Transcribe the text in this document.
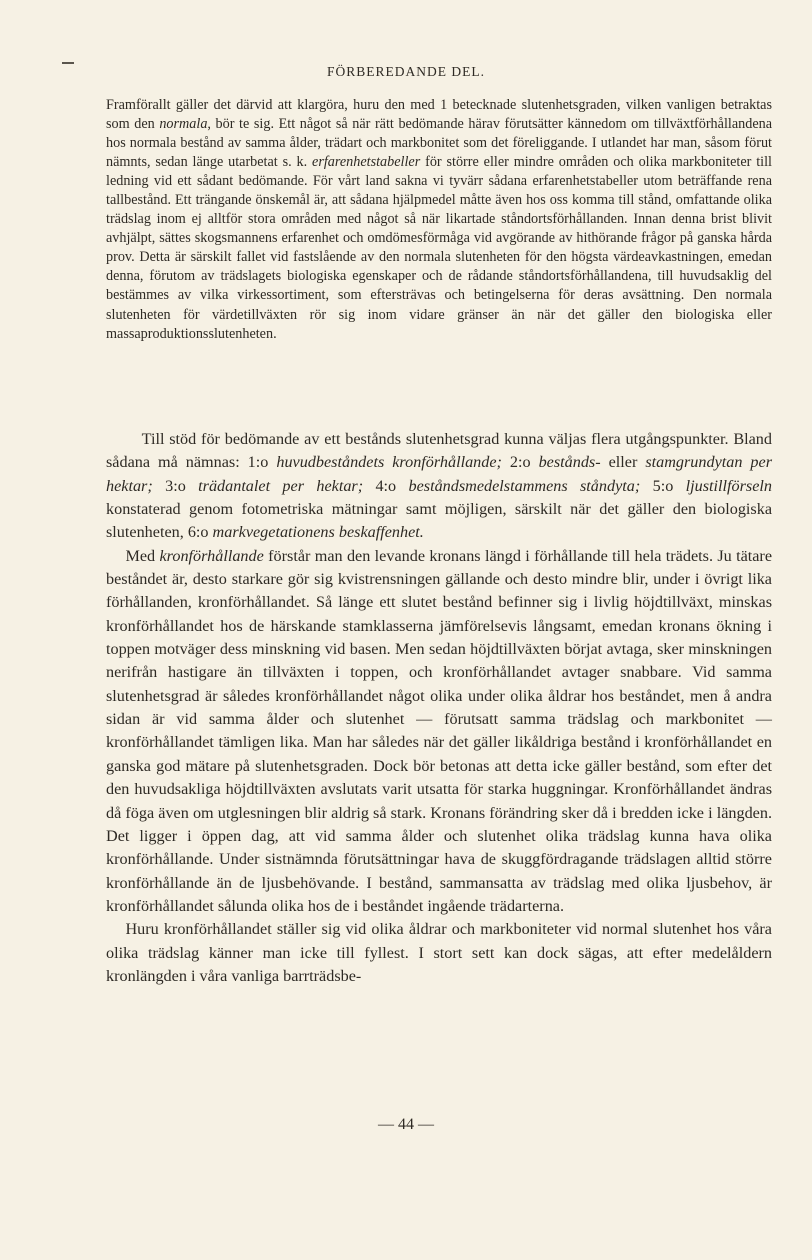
FÖRBEREDANDE DEL.

Framförallt gäller det därvid att klargöra, huru den med 1 betecknade slutenhetsgraden, vilken vanligen betraktas som den normala, bör te sig. Ett något så när rätt bedömande härav förutsätter kännedom om tillväxtförhållandena hos normala bestånd av samma ålder, trädart och markbonitet som det föreliggande. I utlandet har man, såsom förut nämnts, sedan länge utarbetat s. k. erfarenhetstabeller för större eller mindre områden och olika markboniteter till ledning vid ett sådant bedömande. För vårt land sakna vi tyvärr sådana erfarenhetstabeller utom beträffande rena tallbestånd. Ett trängande önskemål är, att sådana hjälpmedel måtte även hos oss komma till stånd, omfattande olika trädslag inom ej alltför stora områden med något så när likartade ståndortsförhållanden. Innan denna brist blivit avhjälpt, sättes skogsmannens erfarenhet och omdömesförmåga vid avgörande av hithörande frågor på ganska hårda prov. Detta är särskilt fallet vid fastslående av den normala slutenheten för den högsta värdeavkastningen, emedan denna, förutom av trädslagets biologiska egenskaper och de rådande ståndortsförhållandena, till huvudsaklig del bestämmes av vilka virkessortiment, som eftersträvas och betingelserna för deras avsättning. Den normala slutenheten för värdetillväxten rör sig inom vidare gränser än när det gäller den biologiska eller massaproduktionsslutenheten.

Till stöd för bedömande av ett bestånds slutenhetsgrad kunna väljas flera utgångspunkter. Bland sådana må nämnas: 1:o huvudbeståndets kronförhållande; 2:o bestånds- eller stamgrundytan per hektar; 3:o trädantalet per hektar; 4:o beståndsmedelstammens ståndyta; 5:o ljustillförseln konstaterad genom fotometriska mätningar samt möjligen, särskilt när det gäller den biologiska slutenheten, 6:o markvegetationens beskaffenhet.

Med kronförhållande förstår man den levande kronans längd i förhållande till hela trädets. Ju tätare beståndet är, desto starkare gör sig kvistrensningen gällande och desto mindre blir, under i övrigt lika förhållanden, kronförhållandet. Så länge ett slutet bestånd befinner sig i livlig höjdtillväxt, minskas kronförhållandet hos de härskande stamklasserna jämförelsevis långsamt, emedan kronans ökning i toppen motväger dess minskning vid basen. Men sedan höjdtillväxten börjat avtaga, sker minskningen nerifrån hastigare än tillväxten i toppen, och kronförhållandet avtager snabbare. Vid samma slutenhetsgrad är således kronförhållandet något olika under olika åldrar hos beståndet, men å andra sidan är vid samma ålder och slutenhet — förutsatt samma trädslag och markbonitet — kronförhållandet tämligen lika. Man har således när det gäller likåldriga bestånd i kronförhållandet en ganska god mätare på slutenhetsgraden. Dock bör betonas att detta icke gäller bestånd, som efter det den huvudsakliga höjdtillväxten avslutats varit utsatta för starka huggningar. Kronförhållandet ändras då föga även om utglesningen blir aldrig så stark. Kronans förändring sker då i bredden icke i längden. Det ligger i öppen dag, att vid samma ålder och slutenhet olika trädslag kunna hava olika kronförhållande. Under sistnämnda förutsättningar hava de skuggfördragande trädslagen alltid större kronförhållande än de ljusbehövande. I bestånd, sammansatta av trädslag med olika ljusbehov, är kronförhållandet sålunda olika hos de i beståndet ingående trädarterna.

Huru kronförhållandet ställer sig vid olika åldrar och markboniteter vid normal slutenhet hos våra olika trädslag känner man icke till fyllest. I stort sett kan dock sägas, att efter medelåldern kronlängden i våra vanliga barrträdsbe-

— 44 —
